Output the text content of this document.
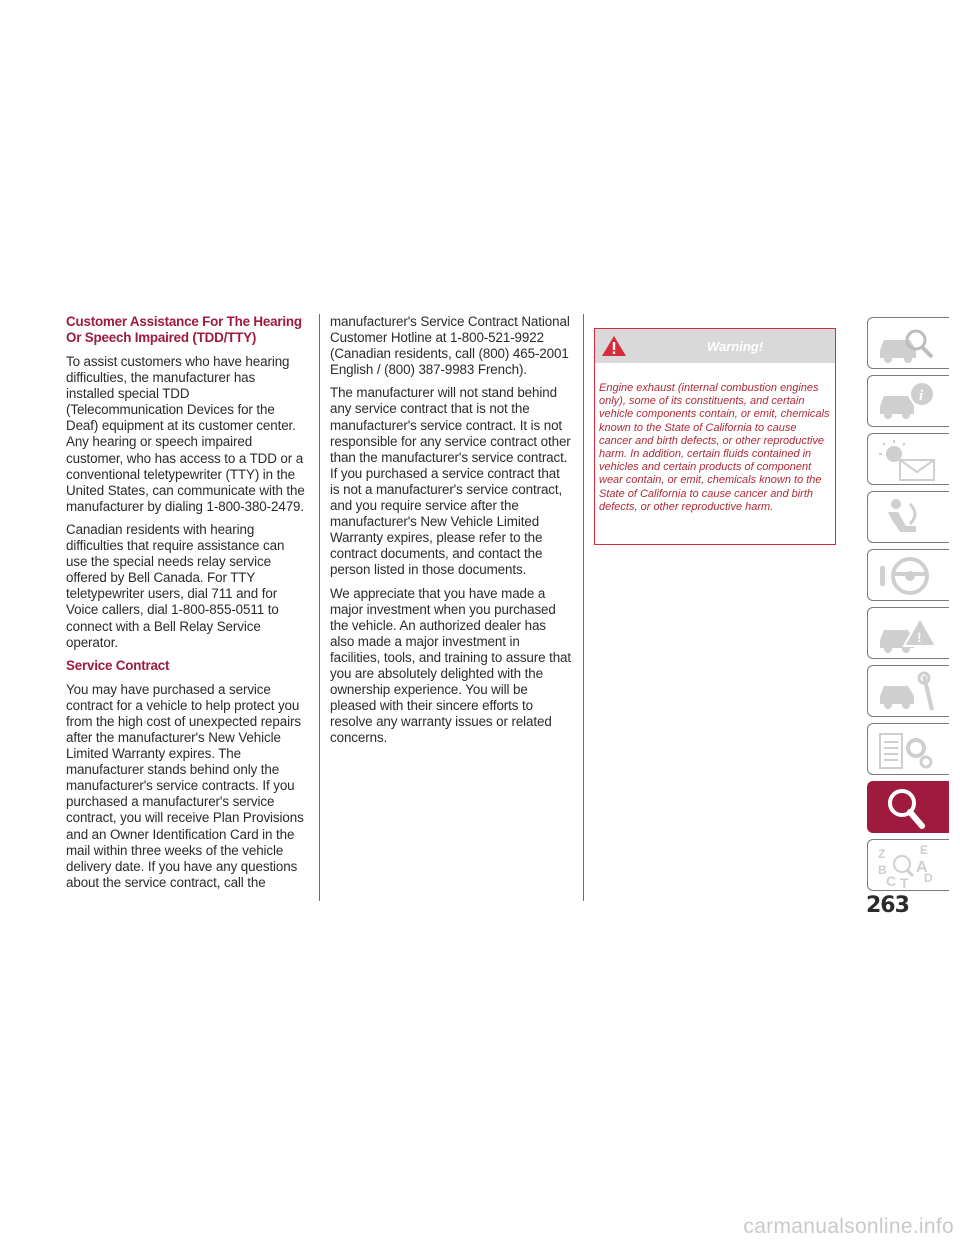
Customer Assistance For The Hearing Or Speech Impaired (TDD/TTY)

To assist customers who have hearing difficulties, the manufacturer has installed special TDD (Telecommunication Devices for the Deaf) equipment at its customer center. Any hearing or speech impaired customer, who has access to a TDD or a conventional teletypewriter (TTY) in the United States, can communicate with the manufacturer by dialing 1-800-380-2479.

Canadian residents with hearing difficulties that require assistance can use the special needs relay service offered by Bell Canada. For TTY teletypewriter users, dial 711 and for Voice callers, dial 1-800-855-0511 to connect with a Bell Relay Service operator.

Service Contract

You may have purchased a service contract for a vehicle to help protect you from the high cost of unexpected repairs after the manufacturer's New Vehicle Limited Warranty expires. The manufacturer stands behind only the manufacturer's service contracts. If you purchased a manufacturer's service contract, you will receive Plan Provisions and an Owner Identification Card in the mail within three weeks of the vehicle delivery date. If you have any questions about the service contract, call the

manufacturer's Service Contract National Customer Hotline at 1-800-521-9922 (Canadian residents, call (800) 465-2001 English / (800) 387-9983 French).

The manufacturer will not stand behind any service contract that is not the manufacturer's service contract. It is not responsible for any service contract other than the manufacturer's service contract. If you purchased a service contract that is not a manufacturer's service contract, and you require service after the manufacturer's New Vehicle Limited Warranty expires, please refer to the contract documents, and contact the person listed in those documents.

We appreciate that you have made a major investment when you purchased the vehicle. An authorized dealer has also made a major investment in facilities, tools, and training to assure that you are absolutely delighted with the ownership experience. You will be pleased with their sincere efforts to resolve any warranty issues or related concerns.

Warning!
Engine exhaust (internal combustion engines only), some of its constituents, and certain vehicle components contain, or emit, chemicals known to the State of California to cause cancer and birth defects, or other reproductive harm. In addition, certain fluids contained in vehicles and certain products of component wear contain, or emit, chemicals known to the State of California to cause cancer and birth defects, or other reproductive harm.
i
!
Z	E
B A
C T D
263
carmanualsonline.info
